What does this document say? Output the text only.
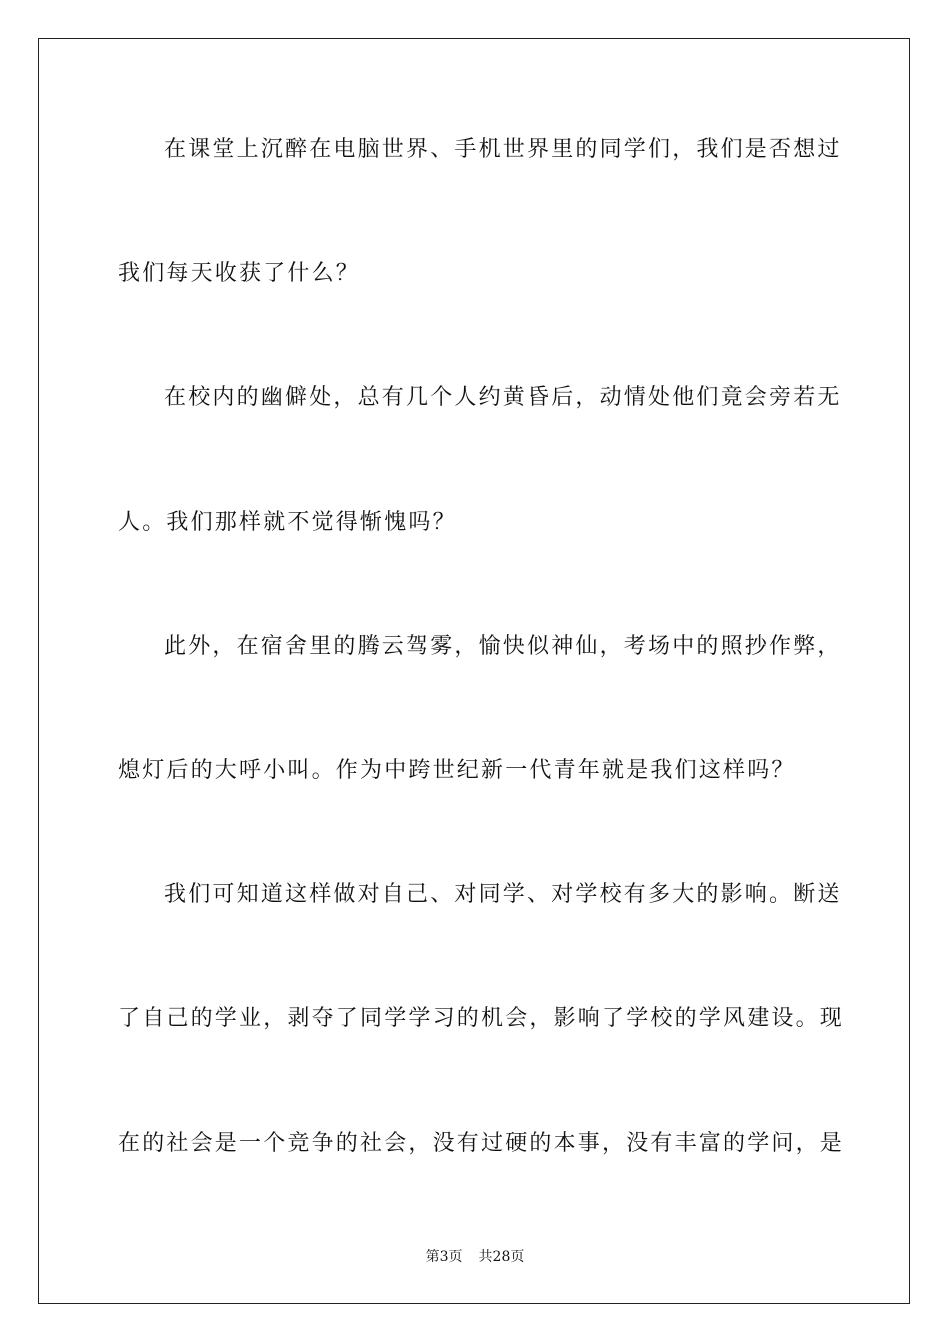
在课堂上沉醉在电脑世界、手机世界里的同学们，我们是否想过
我们每天收获了什么？
在校内的幽僻处，总有几个人约黄昏后，动情处他们竟会旁若无
人。我们那样就不觉得惭愧吗？
此外，在宿舍里的腾云驾雾，愉快似神仙，考场中的照抄作弊，
熄灯后的大呼小叫。作为中跨世纪新一代青年就是我们这样吗？
我们可知道这样做对自己、对同学、对学校有多大的影响。断送
了自己的学业，剥夺了同学学习的机会，影响了学校的学风建设。现
在的社会是一个竞争的社会，没有过硬的本事，没有丰富的学问，是
第3页 共28页
